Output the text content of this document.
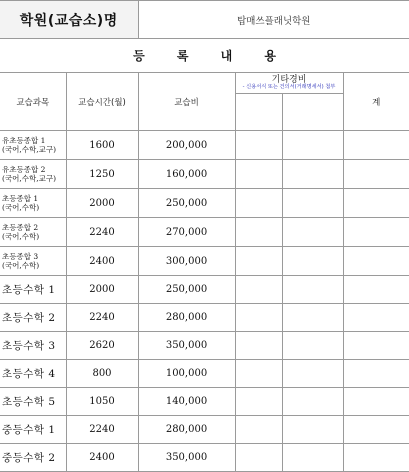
학원(교습소)명		탑매쓰플래닛학원			
등 록 내 용					
교습과목	교습시간(월)	교습비	기타경비
- 신용서식 또는 건의서(거래명세서) 첨부		계

유초등종합 1
(국어,수학,교구)	1600	200,000			

유초등종합 2
(국어,수학,교구)	1250	160,000			

초등종합 1
(국어,수학)	2000	250,000			

초등종합 2
(국어,수학)	2240	270,000			

초등종합 3
(국어,수학)	2400	300,000			
초등수학 1	2000	250,000			
초등수학 2	2240	280,000			
초등수학 3	2620	350,000			
초등수학 4	800	100,000			
초등수학 5	1050	140,000			
중등수학 1	2240	280,000			
중등수학 2	2400	350,000			
